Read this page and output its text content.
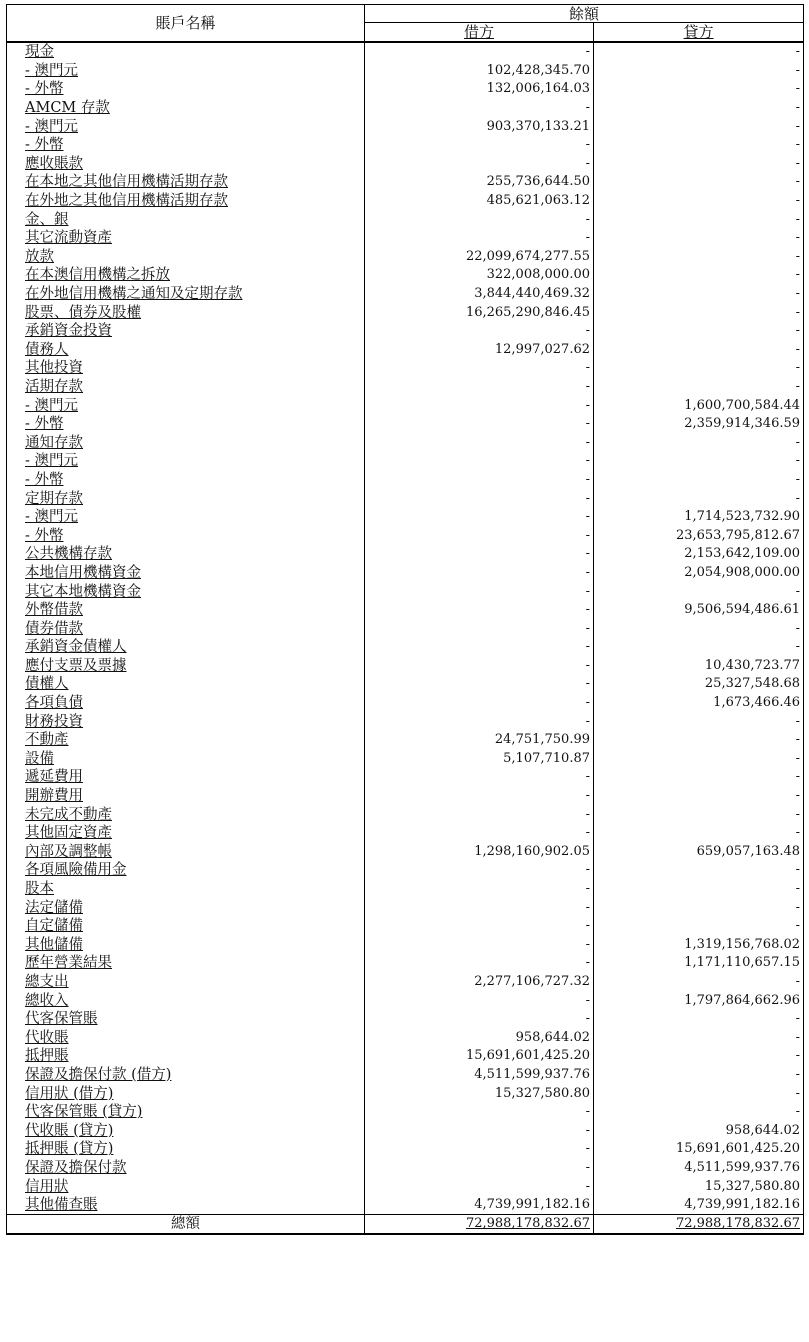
賬戶名稱	餘額	
	借方	貸方
現金	-	-
- 澳門元	102,428,345.70	-
- 外幣	132,006,164.03	-
AMCM 存款	-	-
- 澳門元	903,370,133.21	-
- 外幣	-	-
應收賬款	-	-
在本地之其他信用機構活期存款	255,736,644.50	-
在外地之其他信用機構活期存款	485,621,063.12	-
金、銀	-	-
其它流動資產	-	-
放款	22,099,674,277.55	-
在本澳信用機構之拆放	322,008,000.00	-
在外地信用機構之通知及定期存款	3,844,440,469.32	-
股票、債券及股權	16,265,290,846.45	-
承銷資金投資	-	-
債務人	12,997,027.62	-
其他投資	-	-
活期存款	-	-
- 澳門元	-	1,600,700,584.44
- 外幣	-	2,359,914,346.59
通知存款	-	-
- 澳門元	-	-
- 外幣	-	-
定期存款	-	-
- 澳門元	-	1,714,523,732.90
- 外幣	-	23,653,795,812.67
公共機構存款	-	2,153,642,109.00
本地信用機構資金	-	2,054,908,000.00
其它本地機構資金	-	-
外幣借款	-	9,506,594,486.61
債券借款	-	-
承銷資金債權人	-	-
應付支票及票據	-	10,430,723.77
債權人	-	25,327,548.68
各項負債	-	1,673,466.46
財務投資	-	-
不動產	24,751,750.99	-
設備	5,107,710.87	-
遞延費用	-	-
開辦費用	-	-
未完成不動產	-	-
其他固定資產	-	-
內部及調整帳	1,298,160,902.05	659,057,163.48
各項風險備用金	-	-
股本	-	-
法定儲備	-	-
自定儲備	-	-
其他儲備	-	1,319,156,768.02
歷年營業結果	-	1,171,110,657.15
總支出	2,277,106,727.32	-
總收入	-	1,797,864,662.96
代客保管賬	-	-
代收賬	958,644.02	-
抵押賬	15,691,601,425.20	-
保證及擔保付款 (借方)	4,511,599,937.76	-
信用狀 (借方)	15,327,580.80	-
代客保管賬 (貸方)	-	-
代收賬 (貸方)	-	958,644.02
抵押賬 (貸方)	-	15,691,601,425.20
保證及擔保付款	-	4,511,599,937.76
信用狀	-	15,327,580.80
其他備查賬	4,739,991,182.16	4,739,991,182.16
總額	72,988,178,832.67	72,988,178,832.67
